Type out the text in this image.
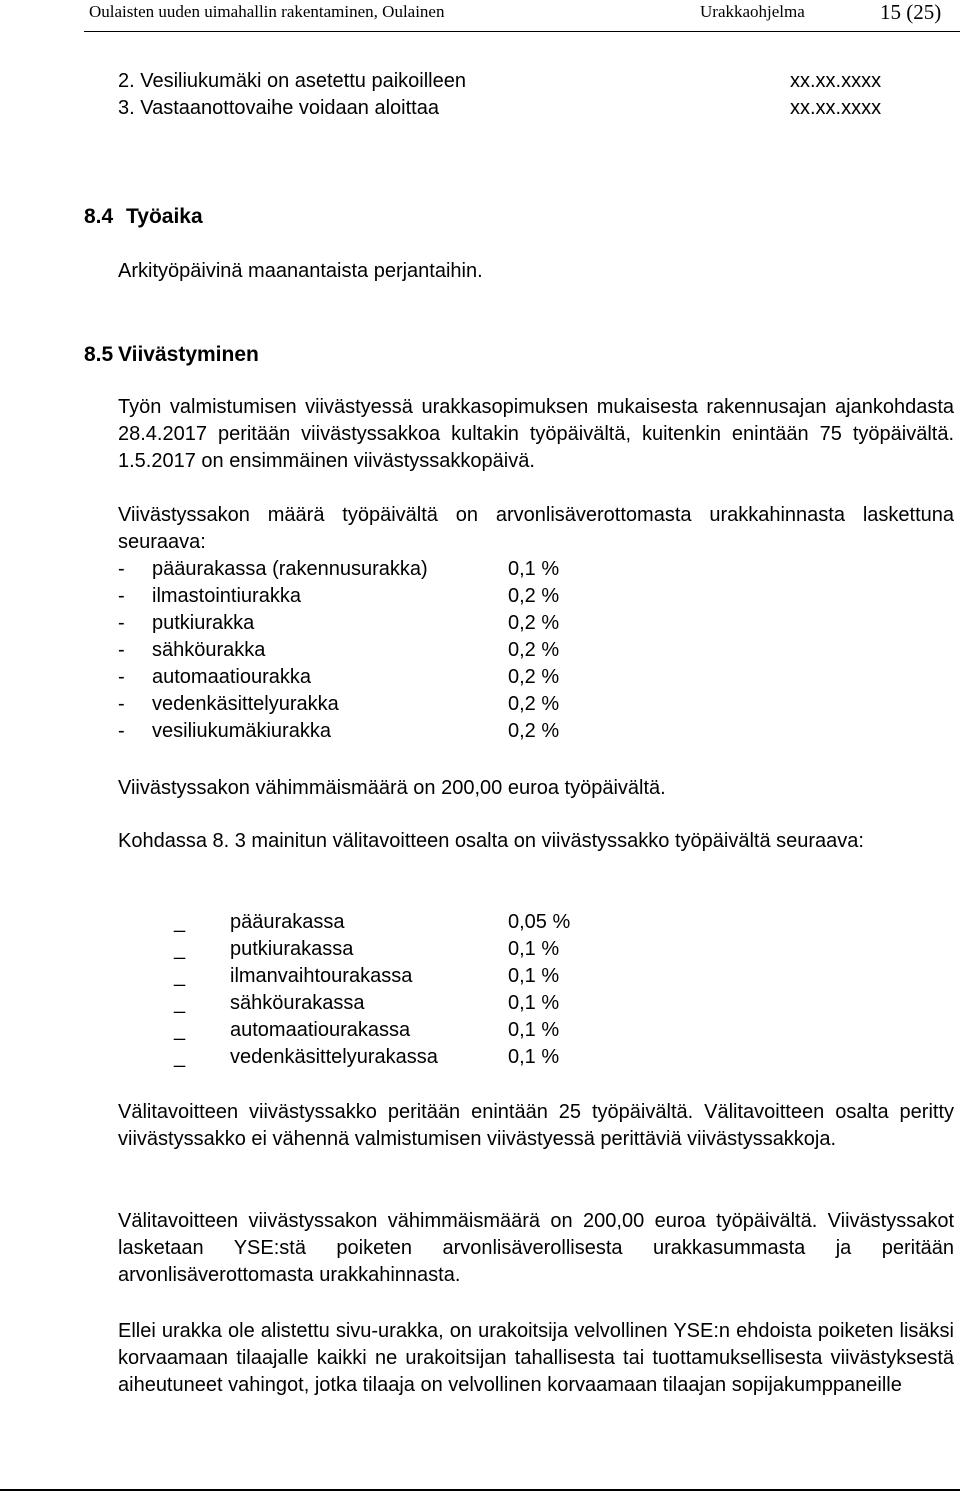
Oulaisten uuden uimahallin rakentaminen, Oulainen	Urakkaohjelma	15 (25)
2. Vesiliukumäki on asetettu paikoilleen	xx.xx.xxxx
3. Vastaanottovaihe voidaan aloittaa	xx.xx.xxxx
8.4 Työaika
Arkityöpäivinä maanantaista perjantaihin.
8.5 Viivästyminen

Työn valmistumisen viivästyessä urakkasopimuksen mukaisesta rakennusajan ajankohdasta 28.4.2017 peritään viivästyssakkoa kultakin työpäivältä, kuitenkin enintään 75 työpäivältä. 1.5.2017 on ensimmäinen viivästyssakkopäivä.

Viivästyssakon määrä työpäivältä on arvonlisäverottomasta urakkahinnasta laskettuna seuraava:

- pääurakassa (rakennusurakka)	0,1 %
- ilmastointiurakka	0,2 %
- putkiurakka	0,2 %
- sähköurakka	0,2 %
- automaatiourakka	0,2 %
- vedenkäsittelyurakka	0,2 %
- vesiliukumäkiurakka	0,2 %
Viivästyssakon vähimmäismäärä on 200,00 euroa työpäivältä.

Kohdassa 8. 3 mainitun välitavoitteen osalta on viivästyssakko työpäivältä seuraava:

_ pääurakassa	0,05 %
_ putkiurakassa	0,1 %
_ ilmanvaihtourakassa	0,1 %
_ sähköurakassa	0,1 %
_ automaatiourakassa	0,1 %
_ vedenkäsittelyurakassa	0,1 %

Välitavoitteen viivästyssakko peritään enintään 25 työpäivältä. Välitavoitteen osalta peritty viivästyssakko ei vähennä valmistumisen viivästyessä perittäviä viivästyssakkoja.

Välitavoitteen viivästyssakon vähimmäismäärä on 200,00 euroa työpäivältä. Viivästyssakot lasketaan YSE:stä poiketen arvonlisäverollisesta urakkasummasta ja peritään arvonlisäverottomasta urakkahinnasta.

Ellei urakka ole alistettu sivu-urakka, on urakoitsija velvollinen YSE:n ehdoista poiketen lisäksi korvaamaan tilaajalle kaikki ne urakoitsijan tahallisesta tai tuottamuksellisesta viivästyksestä aiheutuneet vahingot, jotka tilaaja on velvollinen korvaamaan tilaajan sopijakumppaneille
